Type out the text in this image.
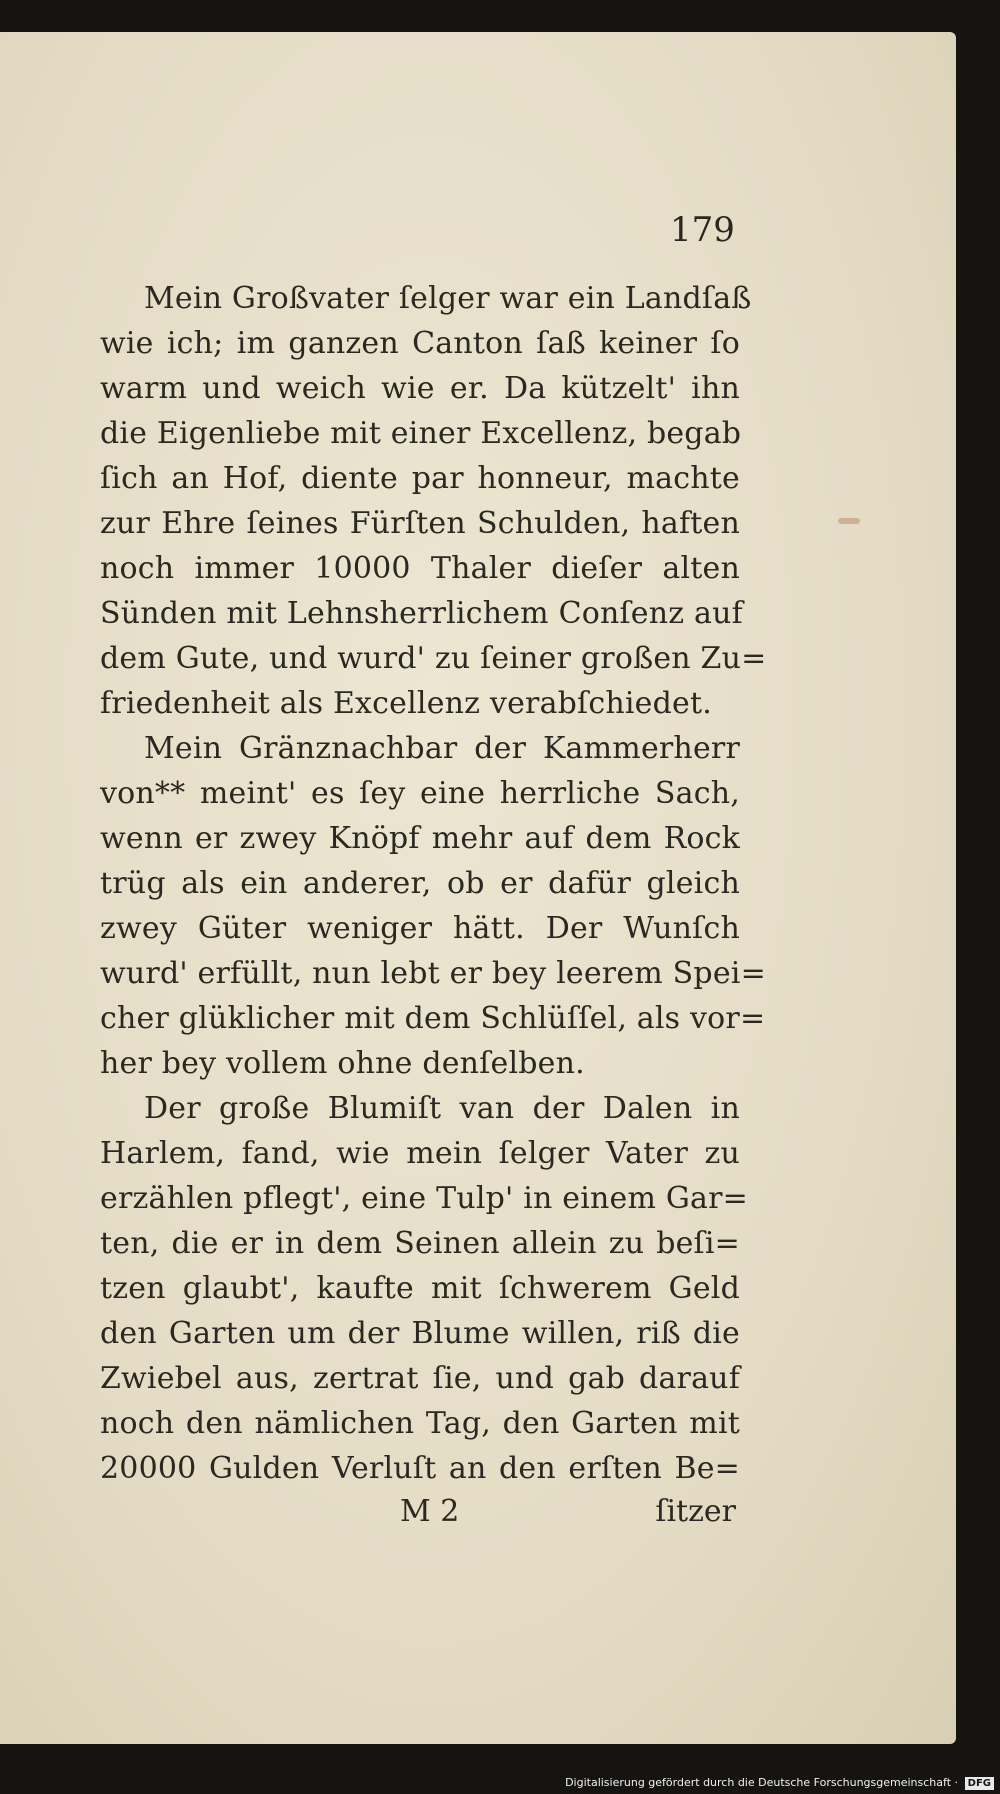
179
Mein Großvater ſelger war ein Landſaß
wie ich; im ganzen Canton ſaß keiner ſo
warm und weich wie er. Da kützelt' ihn
die Eigenliebe mit einer Excellenz, begab
ſich an Hof, diente par honneur, machte
zur Ehre ſeines Fürſten Schulden, haften
noch immer 10000 Thaler dieſer alten
Sünden mit Lehnsherrlichem Conſenz auf
dem Gute, und wurd' zu ſeiner großen Zu=
friedenheit als Excellenz verabſchiedet.
Mein Gränznachbar der Kammerherr
von** meint' es ſey eine herrliche Sach,
wenn er zwey Knöpf mehr auf dem Rock
trüg als ein anderer, ob er dafür gleich
zwey Güter weniger hätt. Der Wunſch
wurd' erfüllt, nun lebt er bey leerem Spei=
cher glüklicher mit dem Schlüſſel, als vor=
her bey vollem ohne denſelben.
Der große Blumiſt van der Dalen in
Harlem, fand, wie mein ſelger Vater zu
erzählen pflegt', eine Tulp' in einem Gar=
ten, die er in dem Seinen allein zu beſi=
tzen glaubt', kaufte mit ſchwerem Geld
den Garten um der Blume willen, riß die
Zwiebel aus, zertrat ſie, und gab darauf
noch den nämlichen Tag, den Garten mit
20000 Gulden Verluſt an den erſten Be=
M 2	ſitzer
Digitalisierung gefördert durch die Deutsche Forschungsgemeinschaft · DFG
